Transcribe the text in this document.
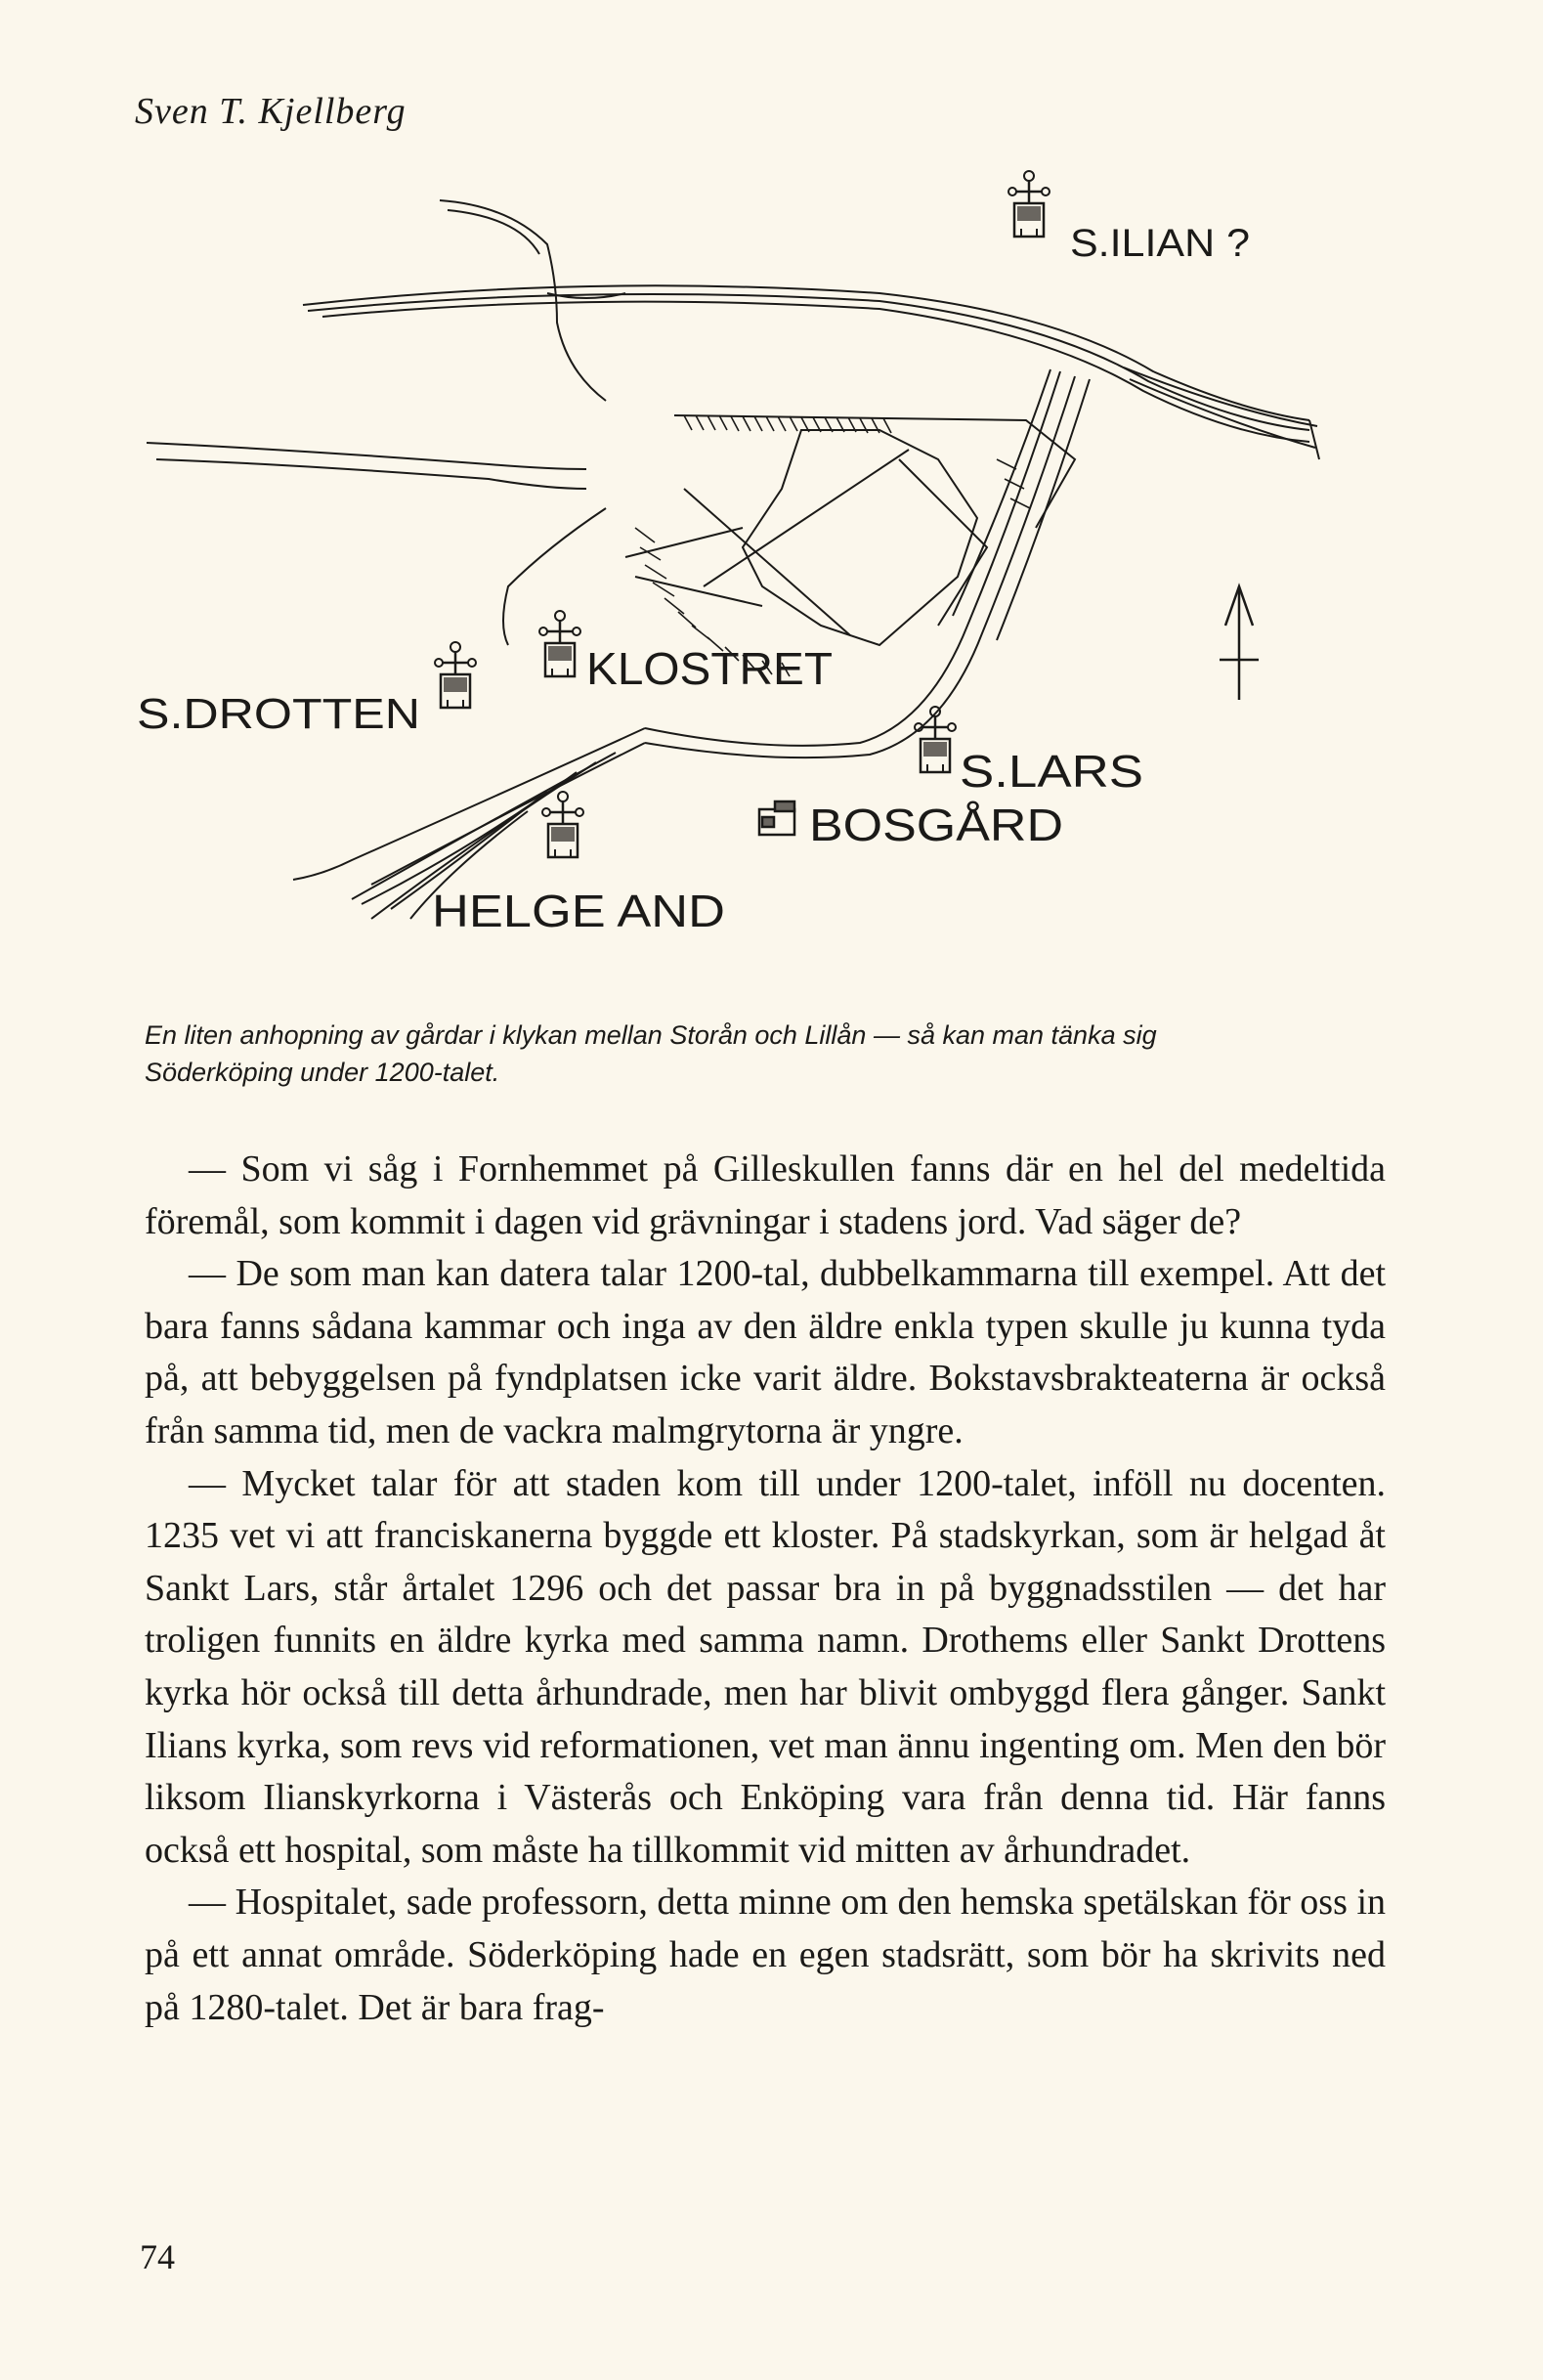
Sven T. Kjellberg
S.ILIAN ?
S.DROTTEN
KLOSTRET
S.LARS
BOSGÅRD
HELGE AND
En liten anhopning av gårdar i klykan mellan Storån och Lillån — så kan man tänka sig Söderköping under 1200-talet.

— Som vi såg i Fornhemmet på Gilleskullen fanns där en hel del medeltida föremål, som kommit i dagen vid grävningar i stadens jord. Vad säger de?

— De som man kan datera talar 1200-tal, dubbelkammarna till exempel. Att det bara fanns sådana kammar och inga av den äldre enkla typen skulle ju kunna tyda på, att bebyggelsen på fyndplatsen icke varit äldre. Bokstavsbrakteaterna är också från samma tid, men de vackra malmgrytorna är yngre.

— Mycket talar för att staden kom till under 1200-talet, inföll nu docenten. 1235 vet vi att franciskanerna byggde ett kloster. På stadskyrkan, som är helgad åt Sankt Lars, står årtalet 1296 och det passar bra in på byggnadsstilen — det har troligen funnits en äldre kyrka med samma namn. Drothems eller Sankt Drottens kyrka hör också till detta århundrade, men har blivit ombyggd flera gånger. Sankt Ilians kyrka, som revs vid reformationen, vet man ännu ingenting om. Men den bör liksom Ilianskyrkorna i Västerås och Enköping vara från denna tid. Här fanns också ett hospital, som måste ha tillkommit vid mitten av århundradet.

— Hospitalet, sade professorn, detta minne om den hemska spetälskan för oss in på ett annat område. Söderköping hade en egen stadsrätt, som bör ha skrivits ned på 1280-talet. Det är bara frag-

74
